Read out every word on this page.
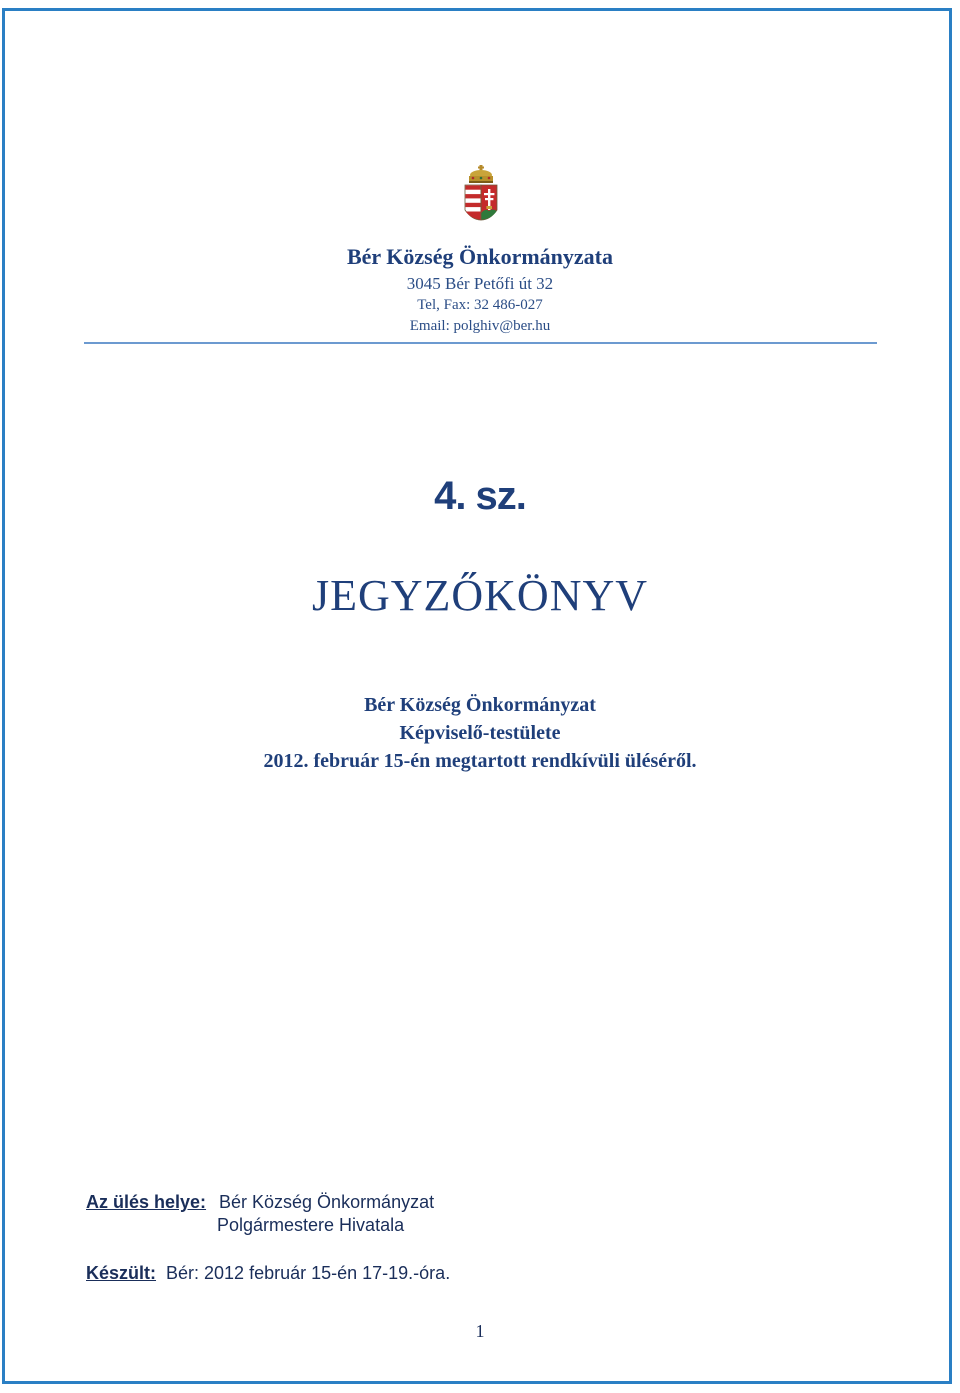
Bér Község Önkormányzata
3045 Bér Petőfi út 32
Tel, Fax: 32 486-027
Email: polghiv@ber.hu
4. sz.
JEGYZŐKÖNYV
Bér Község Önkormányzat
Képviselő-testülete
2012. február 15-én megtartott rendkívüli üléséről.
Az ülés helye: Bér Község Önkormányzat
Polgármestere Hivatala
Készült: Bér: 2012 február 15-én 17-19.-óra.
1
